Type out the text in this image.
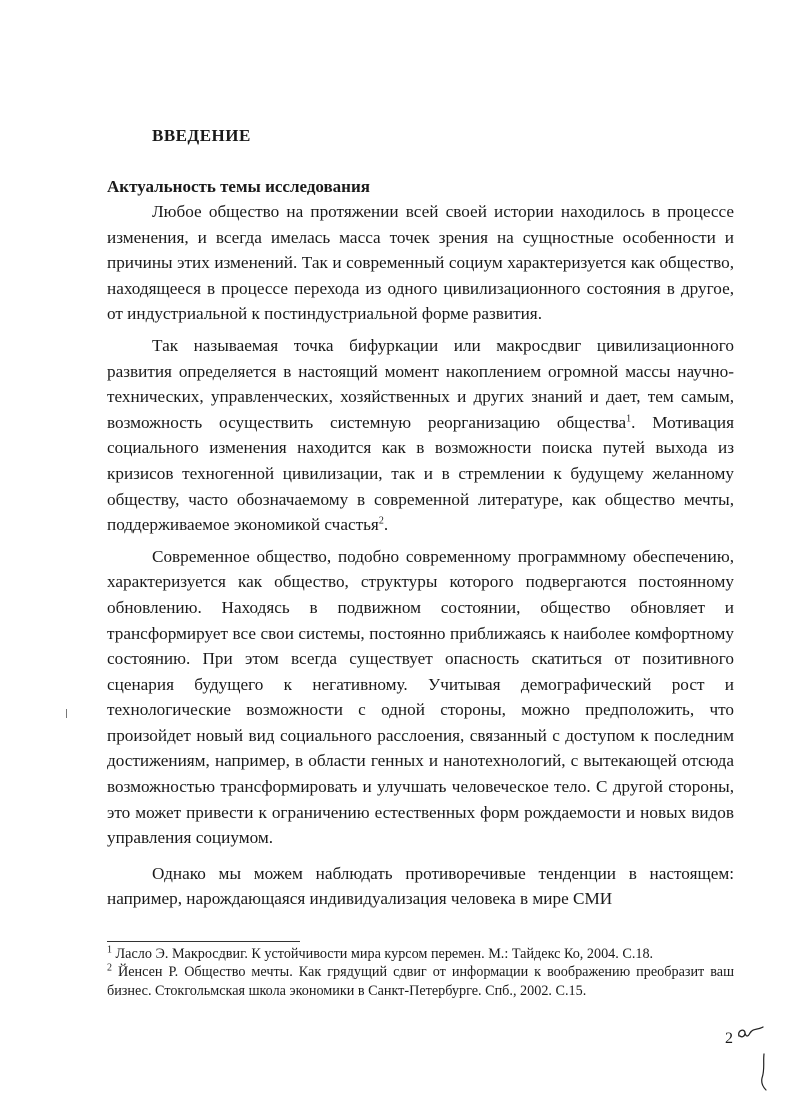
ВВЕДЕНИЕ
Актуальность темы исследования

Любое общество на протяжении всей своей истории находилось в процессе изменения, и всегда имелась масса точек зрения на сущностные особенности и причины этих изменений. Так и современный социум характеризуется как общество, находящееся в процессе перехода из одного цивилизационного состояния в другое, от индустриальной к постиндустриальной форме развития.

Так называемая точка бифуркации или макросдвиг цивилизационного развития определяется в настоящий момент накоплением огромной массы научно-технических, управленческих, хозяйственных и других знаний и дает, тем самым, возможность осуществить системную реорганизацию общества$^1$. Мотивация социального изменения находится как в возможности поиска путей выхода из кризисов техногенной цивилизации, так и в стремлении к будущему желанному обществу, часто обозначаемому в современной литературе, как общество мечты, поддерживаемое экономикой счастья$^2$.

Современное общество, подобно современному программному обеспечению, характеризуется как общество, структуры которого подвергаются постоянному обновлению. Находясь в подвижном состоянии, общество обновляет и трансформирует все свои системы, постоянно приближаясь к наиболее комфортному состоянию. При этом всегда существует опасность скатиться от позитивного сценария будущего к негативному. Учитывая демографический рост и технологические возможности с одной стороны, можно предположить, что произойдет новый вид социального расслоения, связанный с доступом к последним достижениям, например, в области генных и нанотехнологий, с вытекающей отсюда возможностью трансформировать и улучшать человеческое тело. С другой стороны, это может привести к ограничению естественных форм рождаемости и новых видов управления социумом.

Однако мы можем наблюдать противоречивые тенденции в настоящем: например, нарождающаяся индивидуализация человека в мире СМИ

$^1$ Ласло Э. Макросдвиг. К устойчивости мира курсом перемен. М.: Тайдекс Ко, 2004. С.18.

$^2$ Йенсен Р. Общество мечты. Как грядущий сдвиг от информации к воображению преобразит ваш бизнес. Стокгольмская школа экономики в Санкт-Петербурге. Спб., 2002. С.15.

2
